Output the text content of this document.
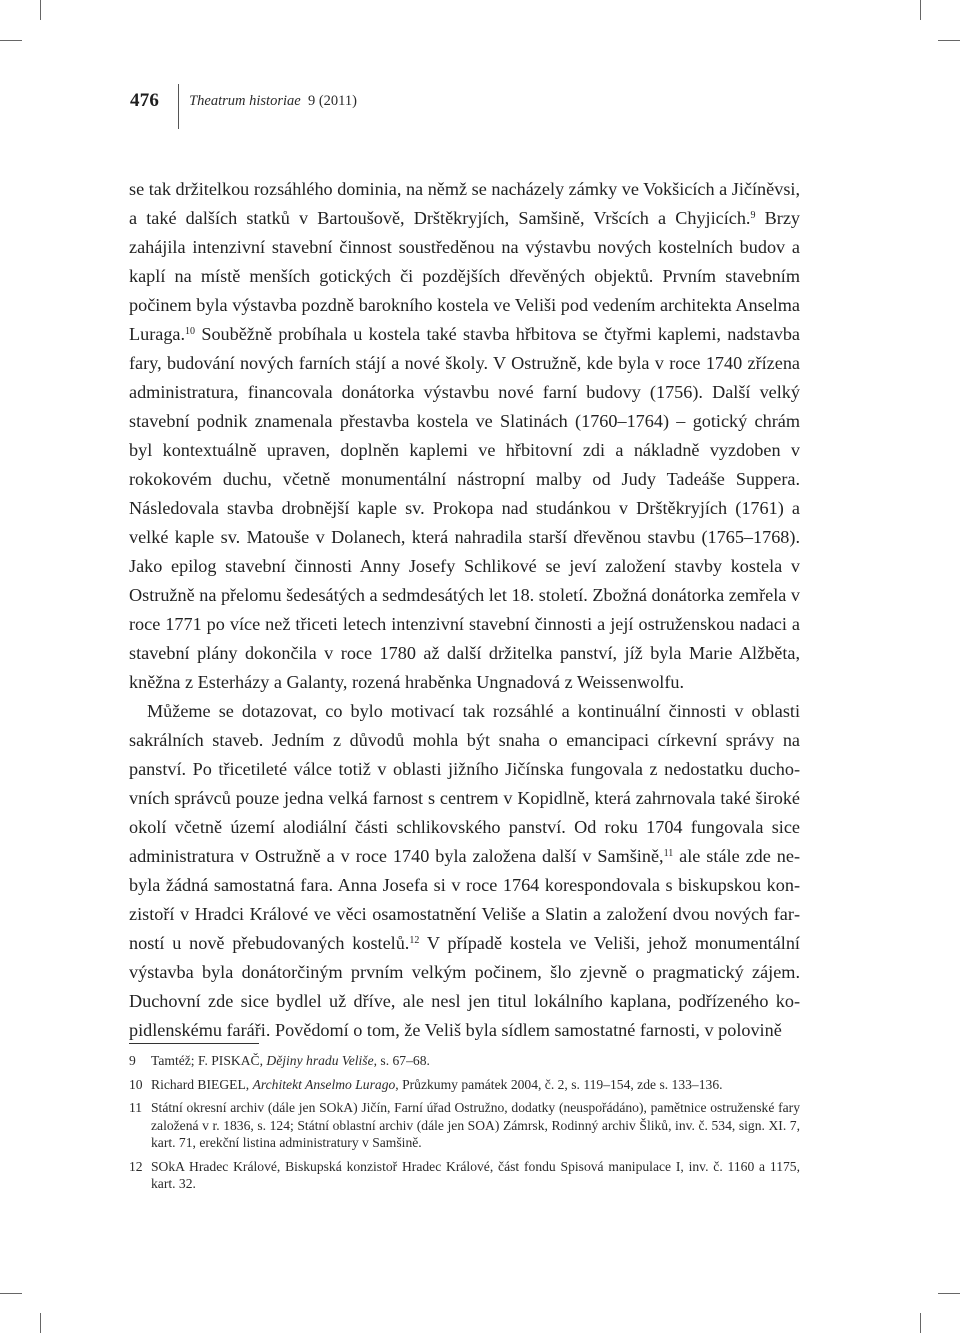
476 Theatrum historiae 9 (2011)

se tak držitelkou rozsáhlého dominia, na němž se nacházely zámky ve Vokšicích a Jičíněvsi, a také dalších statků v Bartoušově, Drštěkryjích, Samšině, Vršcích a Chyjicích.$^9$ Brzy zahájila intenzivní stavební činnost soustředěnou na výstavbu nových kostelních budov a kaplí na místě menších gotických či pozdějších dřevěných objektů. Prvním stavebním počinem byla výstavba pozdně barokního kostela ve Veliši pod vedením architekta Anselma Luraga.$^{10}$ Souběžně probíhala u kostela také stavba hřbitova se čtyřmi kaplemi, nadstavba fary, budování nových farních stájí a nové školy. V Ostružně, kde byla v roce 1740 zřízena administratura, financovala donátorka výstavbu nové farní budovy (1756). Další velký stavební podnik znamenala přestavba kostela ve Slatinách (1760–1764) – gotický chrám byl kontextuálně upraven, doplněn kaplemi ve hřbitovní zdi a nákladně vyzdoben v rokokovém duchu, včetně monumentální nástropní malby od Judy Tadeáše Suppera. Následovala stavba drobnější kaple sv. Prokopa nad studánkou v Drštěkryjích (1761) a velké kaple sv. Matouše v Dolanech, která nahradila starší dřevěnou stavbu (1765–1768). Jako epilog stavební činnosti Anny Josefy Schlikové se jeví založení stavby kostela v Ostružně na přelomu šedesátých a sedmdesátých let 18. století. Zbožná donátorka zemřela v roce 1771 po více než třiceti letech intenzivní stavební činnosti a její ostruženskou nadaci a stavební plány dokončila v roce 1780 až další držitelka panství, jíž byla Marie Alžběta, kněžna z Esterházy a Galanty, rozená hraběnka Ungnadová z Weissenwolfu.

Můžeme se dotazovat, co bylo motivací tak rozsáhlé a kontinuální činnosti v oblasti sakrálních staveb. Jedním z důvodů mohla být snaha o emancipaci církevní správy na panství. Po třicetileté válce totiž v oblasti jižního Jičínska fungovala z nedostatku duchovních správců pouze jedna velká farnost s centrem v Kopidlně, která zahrnovala také široké okolí včetně území alodiální části schlikovského panství. Od roku 1704 fungovala sice administratura v Ostružně a v roce 1740 byla založena další v Samšině,$^{11}$ ale stále zde nebyla žádná samostatná fara. Anna Josefa si v roce 1764 korespondovala s biskupskou konzistoří v Hradci Králové ve věci osamostatnění Veliše a Slatin a založení dvou nových farností u nově přebudovaných kostelů.$^{12}$ V případě kostela ve Veliši, jehož monumentální výstavba byla donátorčiným prvním velkým počinem, šlo zjevně o pragmatický zájem. Duchovní zde sice bydlel už dříve, ale nesl jen titul lokálního kaplana, podřízeného kopidlenskému faráři. Povědomí o tom, že Veliš byla sídlem samostatné farnosti, v polovině

9	Tamtéž; F. PISKAČ, Dějiny hradu Veliše, s. 67–68.
10 Richard BIEGEL, Architekt Anselmo Lurago, Průzkumy památek 2004, č. 2, s. 119–154, zde s. 133–136.
11 Státní okresní archiv (dále jen SOkA) Jičín, Farní úřad Ostružno, dodatky (neuspořádáno), pamětnice ostruženské fary založená v r. 1836, s. 124; Státní oblastní archiv (dále jen SOA) Zámrsk, Rodinný archiv Šliků, inv. č. 534, sign. XI. 7, kart. 71, erekční listina administratury v Samšině.
12 SOkA Hradec Králové, Biskupská konzistoř Hradec Králové, část fondu Spisová manipulace I, inv. č. 1160 a 1175, kart. 32.
